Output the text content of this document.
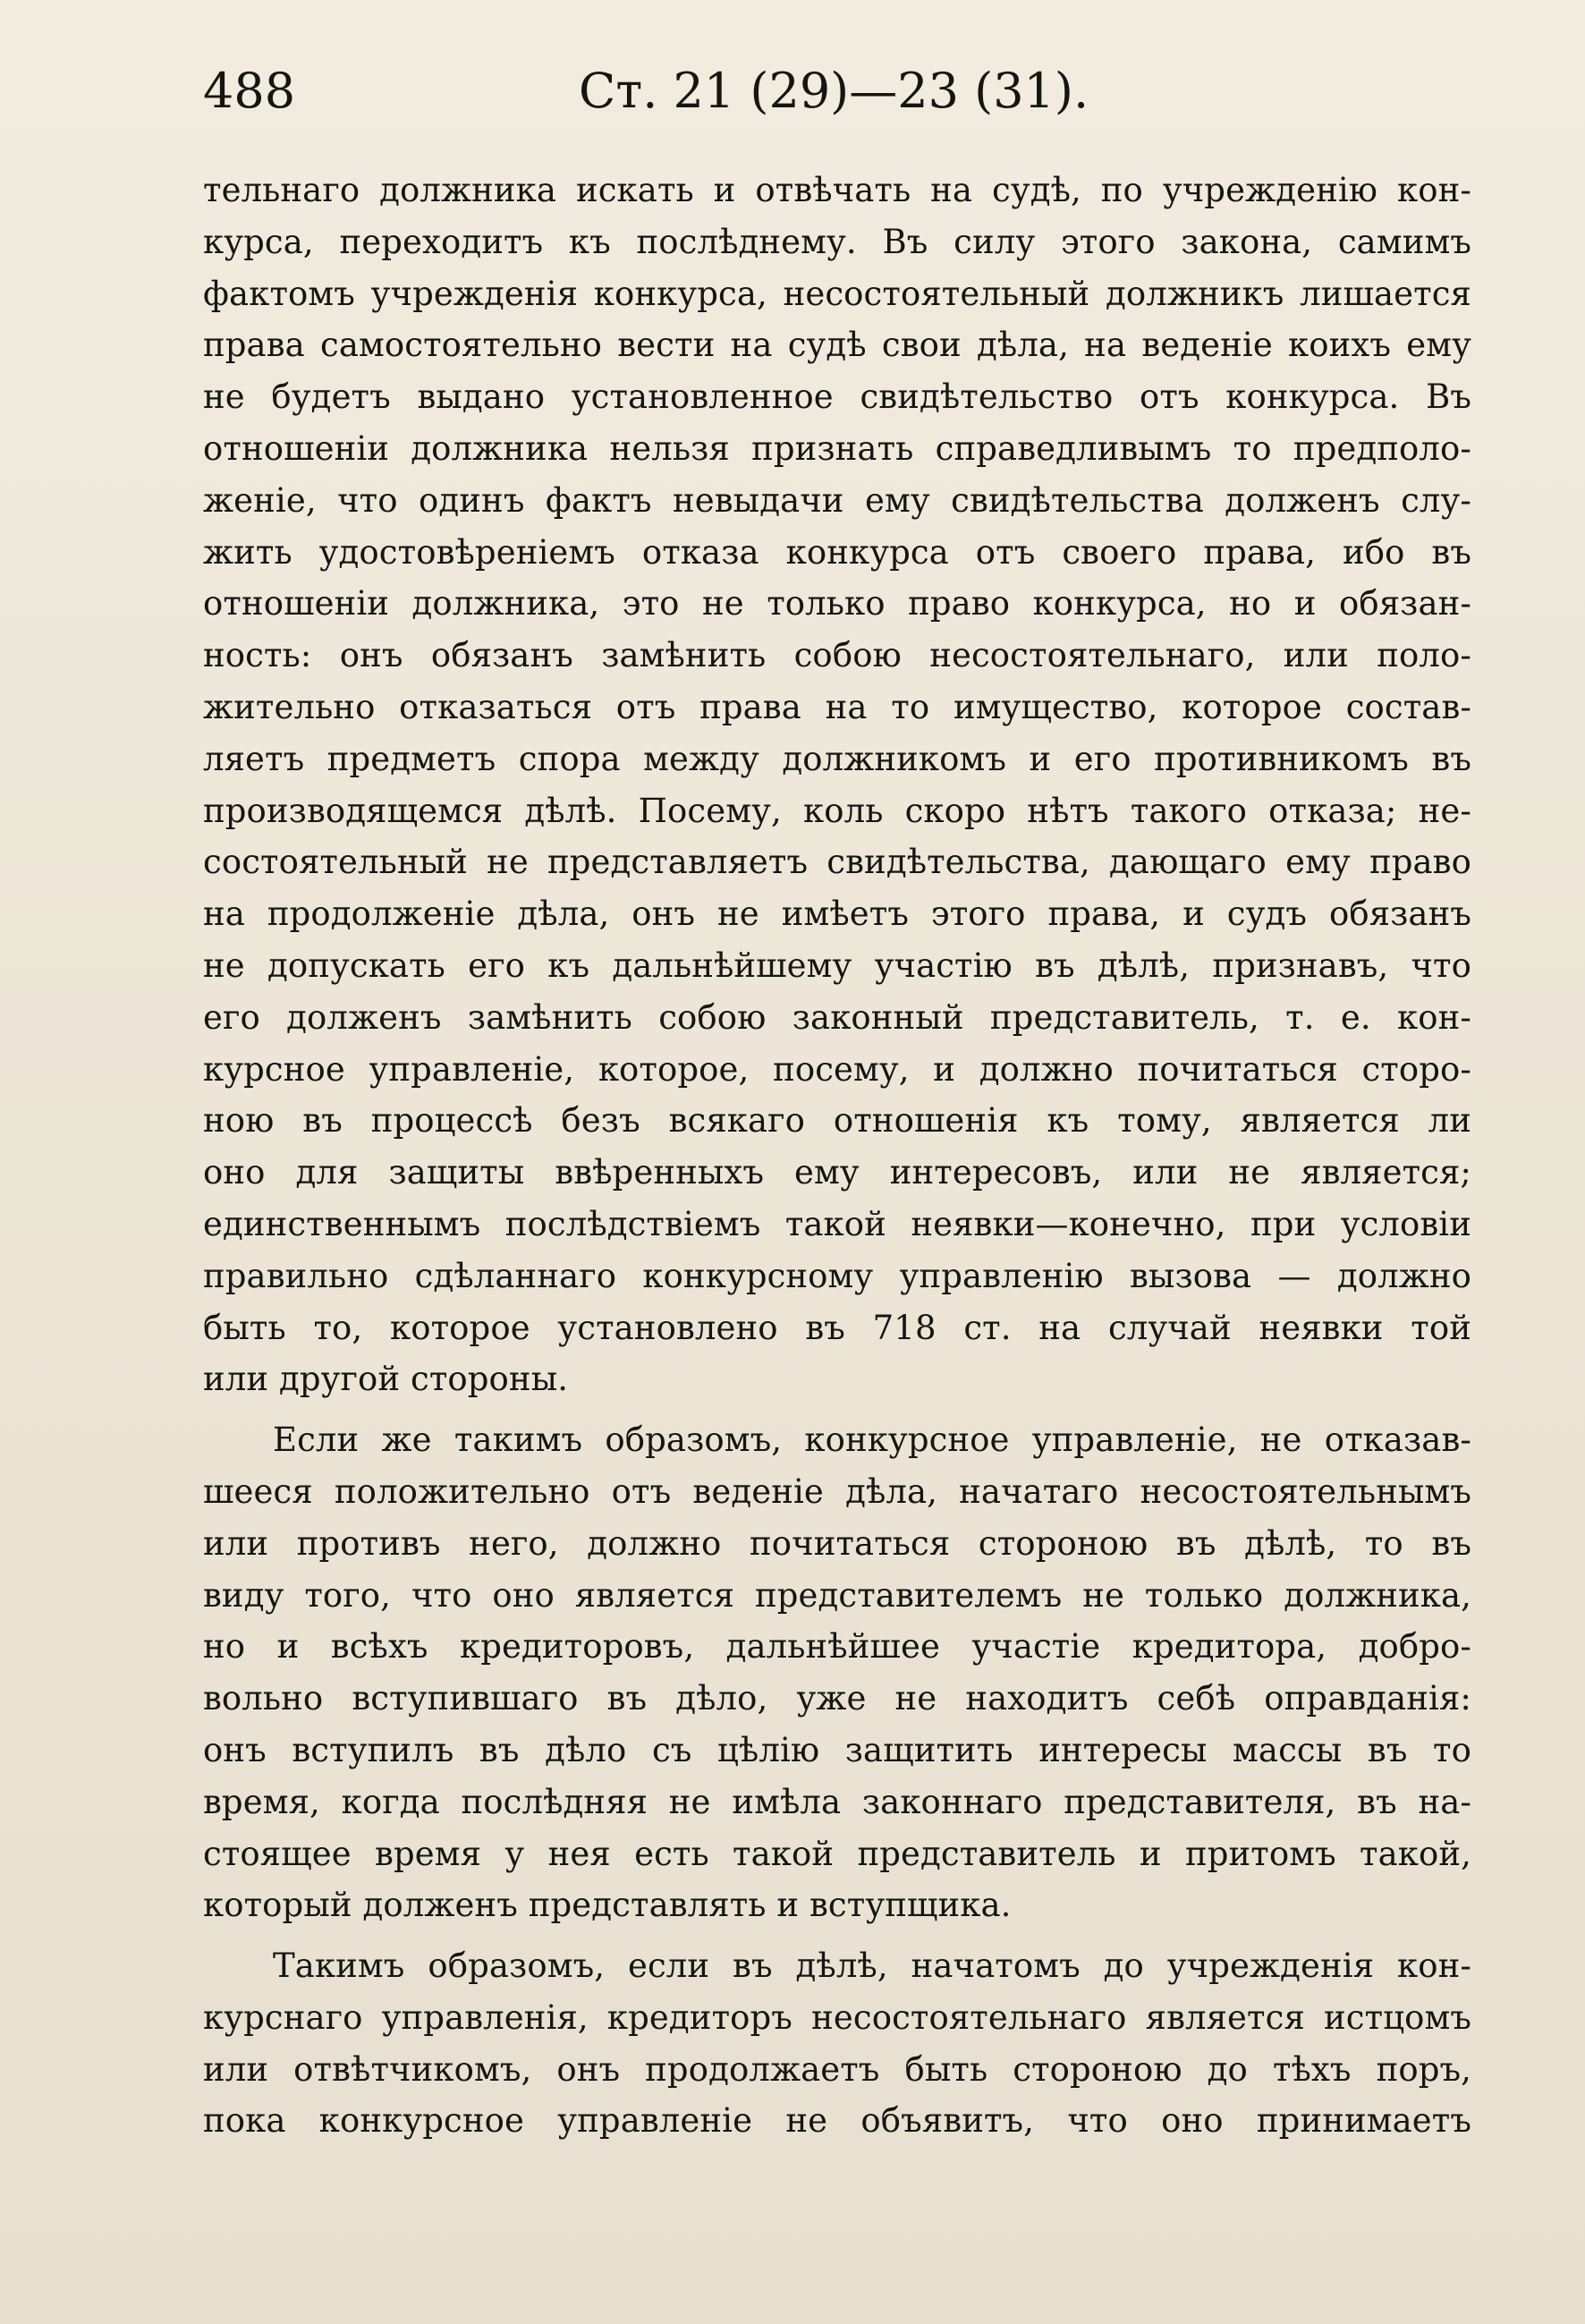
488	Ст. 21 (29)—23 (31).
тельнаго должника искать и отвѣчать на судѣ, по учрежденію кон-
курса, переходитъ къ послѣднему. Въ силу этого закона, самимъ
фактомъ учрежденія конкурса, несостоятельный должникъ лишается
права самостоятельно вести на судѣ свои дѣла, на веденіе коихъ ему
не будетъ выдано установленное свидѣтельство отъ конкурса. Въ
отношеніи должника нельзя признать справедливымъ то предполо-
женіе, что одинъ фактъ невыдачи ему свидѣтельства долженъ слу-
жить удостовѣреніемъ отказа конкурса отъ своего права, ибо въ
отношеніи должника, это не только право конкурса, но и обязан-
ность: онъ обязанъ замѣнить собою несостоятельнаго, или поло-
жительно отказаться отъ права на то имущество, которое состав-
ляетъ предметъ спора между должникомъ и его противникомъ въ
производящемся дѣлѣ. Посему, коль скоро нѣтъ такого отказа; не-
состоятельный не представляетъ свидѣтельства, дающаго ему право
на продолженіе дѣла, онъ не имѣетъ этого права, и судъ обязанъ
не допускать его къ дальнѣйшему участію въ дѣлѣ, признавъ, что
его долженъ замѣнить собою законный представитель, т. е. кон-
курсное управленіе, которое, посему, и должно почитаться сторо-
ною въ процессѣ безъ всякаго отношенія къ тому, является ли
оно для защиты ввѣренныхъ ему интересовъ, или не является;
единственнымъ послѣдствіемъ такой неявки—конечно, при условіи
правильно сдѣланнаго конкурсному управленію вызова — должно
быть то, которое установлено въ 718 ст. на случай неявки той
или другой стороны.
Если же такимъ образомъ, конкурсное управленіе, не отказав-
шееся положительно отъ веденіе дѣла, начатаго несостоятельнымъ
или противъ него, должно почитаться стороною въ дѣлѣ, то въ
виду того, что оно является представителемъ не только должника,
но и всѣхъ кредиторовъ, дальнѣйшее участіе кредитора, добро-
вольно вступившаго въ дѣло, уже не находитъ себѣ оправданія:
онъ вступилъ въ дѣло съ цѣлію защитить интересы массы въ то
время, когда послѣдняя не имѣла законнаго представителя, въ на-
стоящее время у нея есть такой представитель и притомъ такой,
который долженъ представлять и вступщика.
Такимъ образомъ, если въ дѣлѣ, начатомъ до учрежденія кон-
курснаго управленія, кредиторъ несостоятельнаго является истцомъ
или отвѣтчикомъ, онъ продолжаетъ быть стороною до тѣхъ поръ,
пока конкурсное управленіе не объявитъ, что оно принимаетъ
